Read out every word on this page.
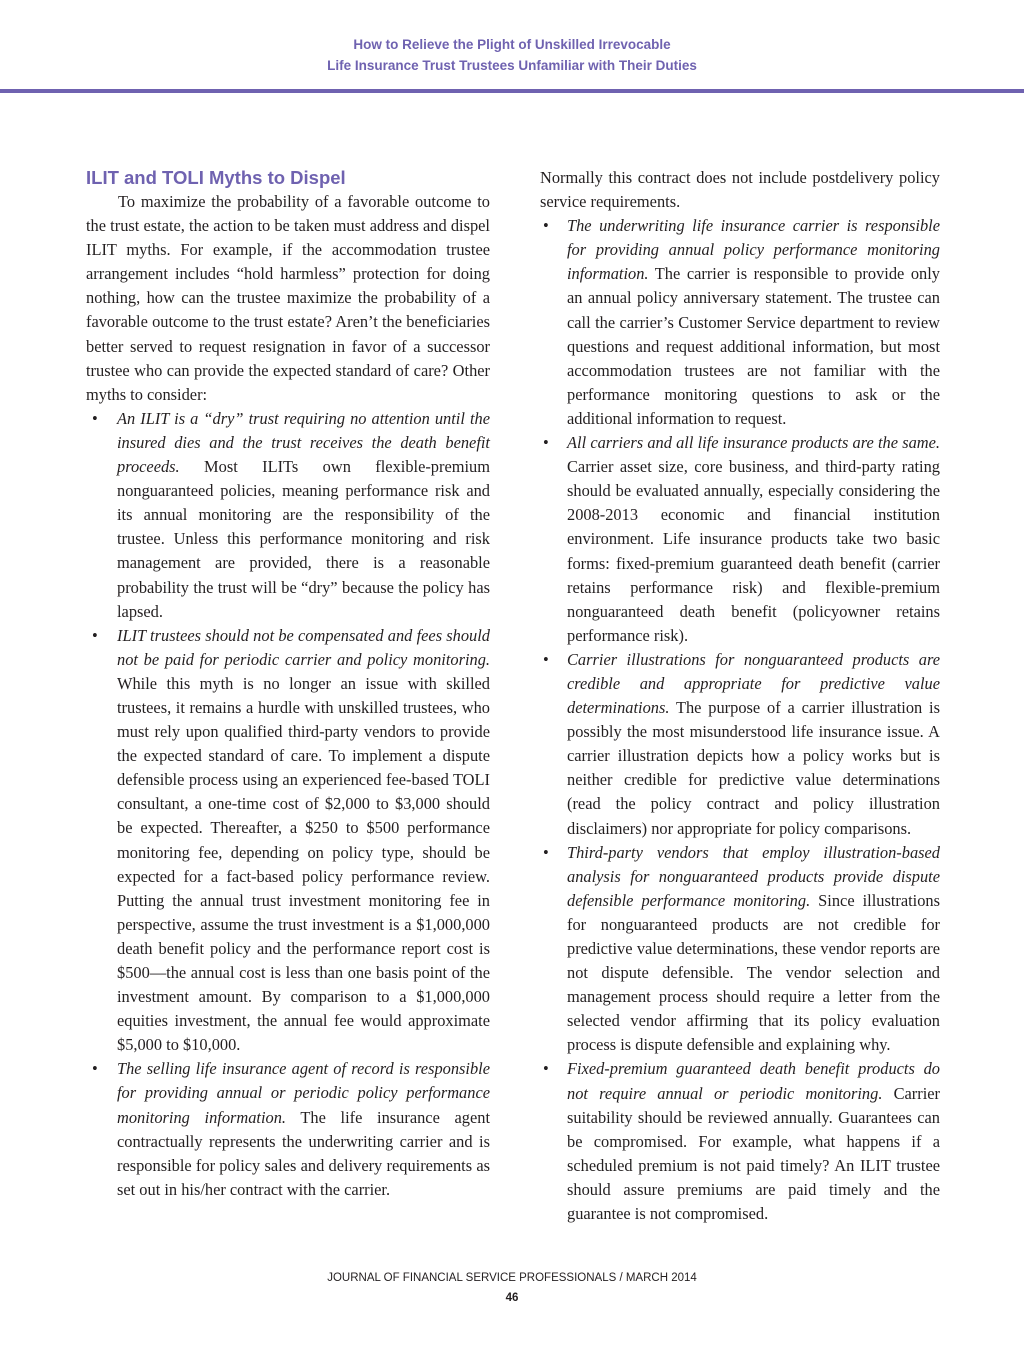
How to Relieve the Plight of Unskilled Irrevocable
Life Insurance Trust Trustees Unfamiliar with Their Duties
ILIT and TOLI Myths to Dispel

To maximize the probability of a favorable outcome to the trust estate, the action to be taken must address and dispel ILIT myths. For example, if the accommodation trustee arrangement includes “hold harmless” protection for doing nothing, how can the trustee maximize the probability of a favorable outcome to the trust estate? Aren’t the beneficiaries better served to request resignation in favor of a successor trustee who can provide the expected standard of care? Other myths to consider:

• An ILIT is a “dry” trust requiring no attention until the insured dies and the trust receives the death benefit proceeds. Most ILITs own flexible-premium nonguaranteed policies, meaning performance risk and its annual monitoring are the responsibility of the trustee. Unless this performance monitoring and risk management are provided, there is a reasonable probability the trust will be “dry” because the policy has lapsed.
• ILIT trustees should not be compensated and fees should not be paid for periodic carrier and policy monitoring. While this myth is no longer an issue with skilled trustees, it remains a hurdle with unskilled trustees, who must rely upon qualified third-party vendors to provide the expected standard of care. To implement a dispute defensible process using an experienced fee-based TOLI consultant, a one-time cost of $2,000 to $3,000 should be expected. Thereafter, a $250 to $500 performance monitoring fee, depending on policy type, should be expected for a fact-based policy performance review. Putting the annual trust investment monitoring fee in perspective, assume the trust investment is a $1,000,000 death benefit policy and the performance report cost is $500—the annual cost is less than one basis point of the investment amount. By comparison to a $1,000,000 equities investment, the annual fee would approximate $5,000 to $10,000.
• The selling life insurance agent of record is responsible for providing annual or periodic policy performance monitoring information. The life insurance agent contractually represents the underwriting carrier and is responsible for policy sales and delivery requirements as set out in his/her contract with the carrier.

Normally this contract does not include postdelivery policy service requirements.

• The underwriting life insurance carrier is responsible for providing annual policy performance monitoring information. The carrier is responsible to provide only an annual policy anniversary statement. The trustee can call the carrier’s Customer Service department to review questions and request additional information, but most accommodation trustees are not familiar with the performance monitoring questions to ask or the additional information to request.
• All carriers and all life insurance products are the same. Carrier asset size, core business, and third-party rating should be evaluated annually, especially considering the 2008-2013 economic and financial institution environment. Life insurance products take two basic forms: fixed-premium guaranteed death benefit (carrier retains performance risk) and flexible-premium nonguaranteed death benefit (policyowner retains performance risk).
• Carrier illustrations for nonguaranteed products are credible and appropriate for predictive value determinations. The purpose of a carrier illustration is possibly the most misunderstood life insurance issue. A carrier illustration depicts how a policy works but is neither credible for predictive value determinations (read the policy contract and policy illustration disclaimers) nor appropriate for policy comparisons.
• Third-party vendors that employ illustration-based analysis for nonguaranteed products provide dispute defensible performance monitoring. Since illustrations for nonguaranteed products are not credible for predictive value determinations, these vendor reports are not dispute defensible. The vendor selection and management process should require a letter from the selected vendor affirming that its policy evaluation process is dispute defensible and explaining why.
• Fixed-premium guaranteed death benefit products do not require annual or periodic monitoring. Carrier suitability should be reviewed annually. Guarantees can be compromised. For example, what happens if a scheduled premium is not paid timely? An ILIT trustee should assure premiums are paid timely and the guarantee is not compromised.
JOURNAL OF FINANCIAL SERVICE PROFESSIONALS / MARCH 2014
46
